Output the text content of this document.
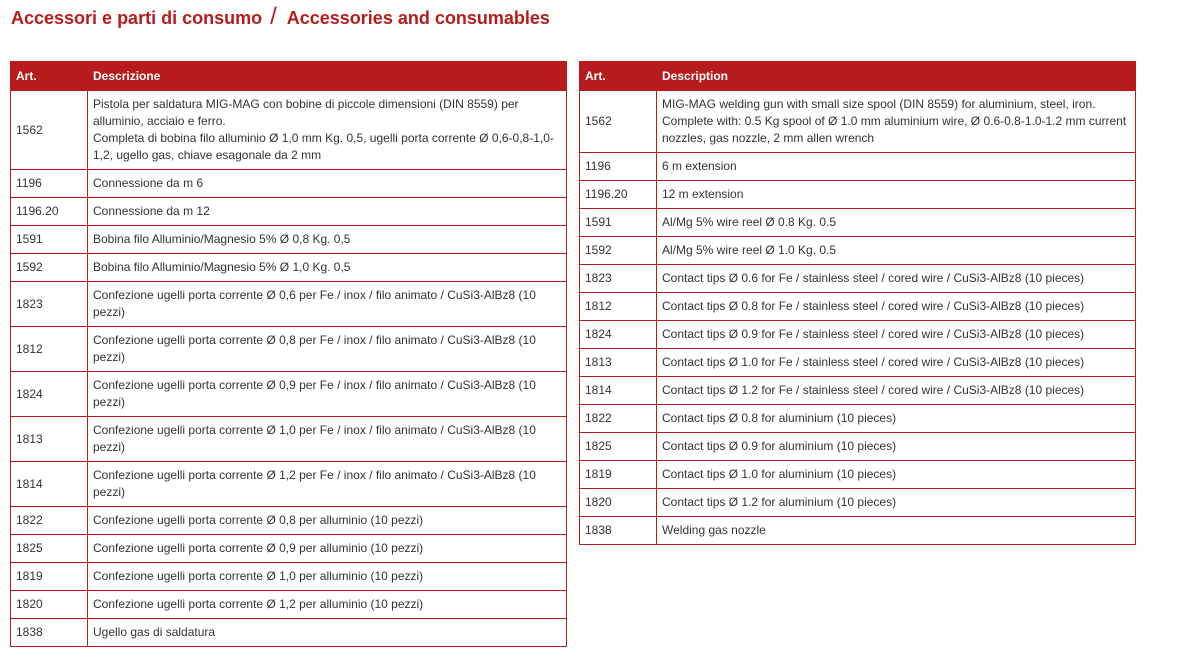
Accessori e parti di consumo / Accessories and consumables
Art.	Descrizione
1562	Pistola per saldatura MIG-MAG con bobine di piccole dimensioni (DIN 8559) per alluminio, acciaio e ferro.
Completa di bobina filo alluminio Ø 1,0 mm Kg. 0,5, ugelli porta corrente Ø 0,6-0,8-1,0-1,2, ugello gas, chiave esagonale da 2 mm

1196	Connessione da m 6
1196.20	Connessione da m 12
1591	Bobina filo Alluminio/Magnesio 5% Ø 0,8 Kg. 0,5
1592	Bobina filo Alluminio/Magnesio 5% Ø 1,0 Kg. 0,5
1823	Confezione ugelli porta corrente Ø 0,6 per Fe / inox / filo animato / CuSi3-AlBz8 (10 pezzi)
1812	Confezione ugelli porta corrente Ø 0,8 per Fe / inox / filo animato / CuSi3-AlBz8 (10 pezzi)
1824	Confezione ugelli porta corrente Ø 0,9 per Fe / inox / filo animato / CuSi3-AlBz8 (10 pezzi)
1813	Confezione ugelli porta corrente Ø 1,0 per Fe / inox / filo animato / CuSi3-AlBz8 (10 pezzi)
1814	Confezione ugelli porta corrente Ø 1,2 per Fe / inox / filo animato / CuSi3-AlBz8 (10 pezzi)
1822	Confezione ugelli porta corrente Ø 0,8 per alluminio (10 pezzi)
1825	Confezione ugelli porta corrente Ø 0,9 per alluminio (10 pezzi)
1819	Confezione ugelli porta corrente Ø 1,0 per alluminio (10 pezzi)
1820	Confezione ugelli porta corrente Ø 1,2 per alluminio (10 pezzi)
1838	Ugello gas di saldatura
Art.	Description
1562	MIG-MAG welding gun with small size spool (DIN 8559) for aluminium, steel, iron.
Complete with: 0.5 Kg spool of Ø 1.0 mm aluminium wire, Ø 0.6-0.8-1.0-1.2 mm current nozzles, gas nozzle, 2 mm allen wrench

1196	6 m extension
1196.20	12 m extension
1591	Al/Mg 5% wire reel Ø 0.8 Kg. 0.5
1592	Al/Mg 5% wire reel Ø 1.0 Kg. 0.5
1823	Contact tips Ø 0.6 for Fe / stainless steel / cored wire / CuSi3-AlBz8 (10 pieces)
1812	Contact tips Ø 0.8 for Fe / stainless steel / cored wire / CuSi3-AlBz8 (10 pieces)
1824	Contact tips Ø 0.9 for Fe / stainless steel / cored wire / CuSi3-AlBz8 (10 pieces)
1813	Contact tips Ø 1.0 for Fe / stainless steel / cored wire / CuSi3-AlBz8 (10 pieces)
1814	Contact tips Ø 1.2 for Fe / stainless steel / cored wire / CuSi3-AlBz8 (10 pieces)
1822	Contact tips Ø 0.8 for aluminium (10 pieces)
1825	Contact tips Ø 0.9 for aluminium (10 pieces)
1819	Contact tips Ø 1.0 for aluminium (10 pieces)
1820	Contact tips Ø 1.2 for aluminium (10 pieces)
1838	Welding gas nozzle
